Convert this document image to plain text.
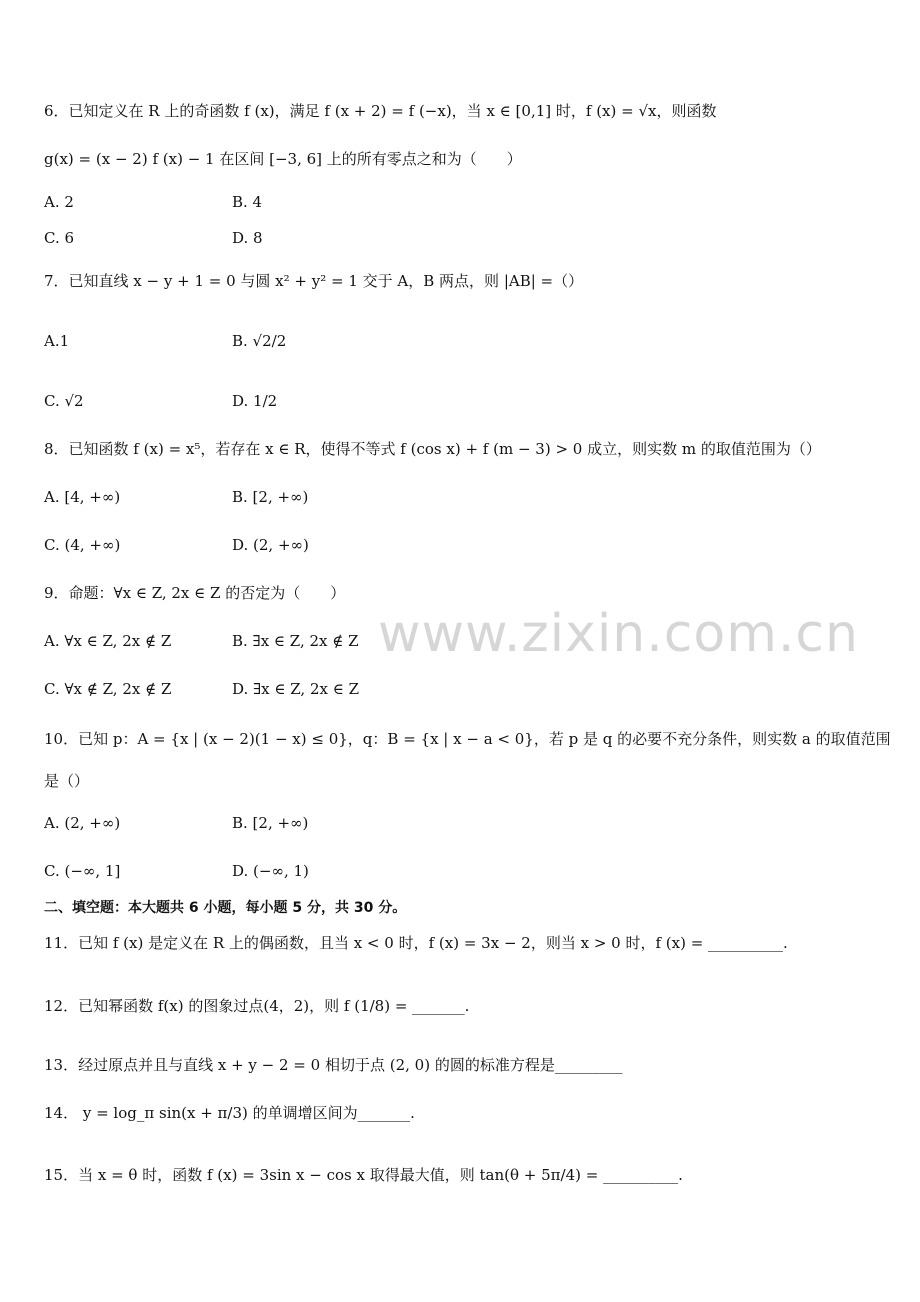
6．已知定义在 R 上的奇函数 f (x)，满足 f (x + 2) = f (−x)，当 x ∈ [0,1] 时，f (x) = √x，则函数
g(x) = (x − 2) f (x) − 1 在区间 [−3, 6] 上的所有零点之和为（　　）
A. 2	B. 4
C. 6	D. 8
7．已知直线 x − y + 1 = 0 与圆 x² + y² = 1 交于 A，B 两点，则 |AB| =（）
A.1	B. √2/2
C. √2	D. 1/2
8．已知函数 f (x) = x⁵，若存在 x ∈ R，使得不等式 f (cos x) + f (m − 3) > 0 成立，则实数 m 的取值范围为（）
A. [4, +∞)	B. [2, +∞)
C. (4, +∞)	D. (2, +∞)
9．命题：∀x ∈ Z, 2x ∈ Z 的否定为（　　）
A. ∀x ∈ Z, 2x ∉ Z	B. ∃x ∈ Z, 2x ∉ Z
C. ∀x ∉ Z, 2x ∉ Z	D. ∃x ∈ Z, 2x ∈ Z
10．已知 p：A = {x | (x − 2)(1 − x) ≤ 0}，q：B = {x | x − a < 0}，若 p 是 q 的必要不充分条件，则实数 a 的取值范围
是（）
A. (2, +∞)	B. [2, +∞)
C. (−∞, 1]	D. (−∞, 1)
二、填空题：本大题共 6 小题，每小题 5 分，共 30 分。
11．已知 f (x) 是定义在 R 上的偶函数，且当 x < 0 时，f (x) = 3x − 2，则当 x > 0 时，f (x) = __________.
12．已知幂函数 f(x) 的图象过点(4，2)，则 f (1/8) = _______.
13．经过原点并且与直线 x + y − 2 = 0 相切于点 (2, 0) 的圆的标准方程是_________
14． y = log_π sin(x + π/3) 的单调增区间为_______.
15．当 x = θ 时，函数 f (x) = 3sin x − cos x 取得最大值，则 tan(θ + 5π/4) = __________.
www.zixin.com.cn
